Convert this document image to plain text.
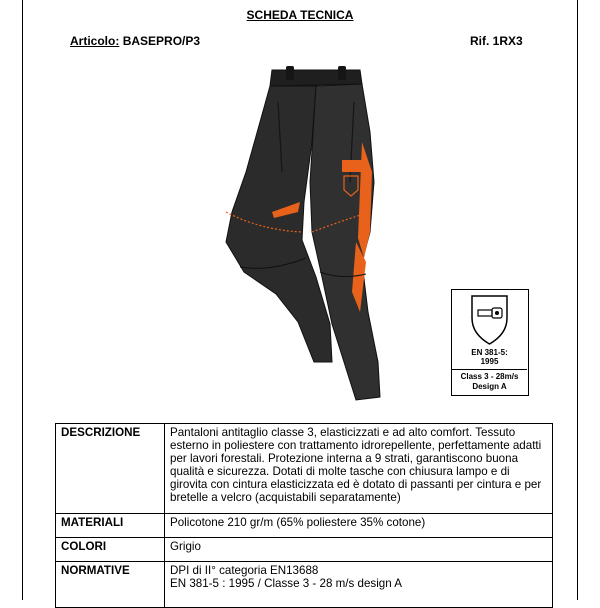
SCHEDA TECNICA
Articolo: BASEPRO/P3	Rif. 1RX3
3
EN 381-5:
1995
Class 3 - 28m/s
Design A
DESCRIZIONE	Pantaloni antitaglio classe 3, elasticizzati e ad alto comfort. Tessuto esterno in poliestere con trattamento idrorepellente, perfettamente adatti per lavori forestali. Protezione interna a 9 strati, garantiscono buona qualità e sicurezza. Dotati di molte tasche con chiusura lampo e di girovita con cintura elasticizzata ed è dotato di passanti per cintura e per bretelle a velcro (acquistabili separatamente)
MATERIALI	Policotone 210 gr/m (65% poliestere 35% cotone)
COLORI	Grigio
NORMATIVE	DPI di II° categoria EN13688
EN 381-5 : 1995 / Classe 3 - 28 m/s design A
